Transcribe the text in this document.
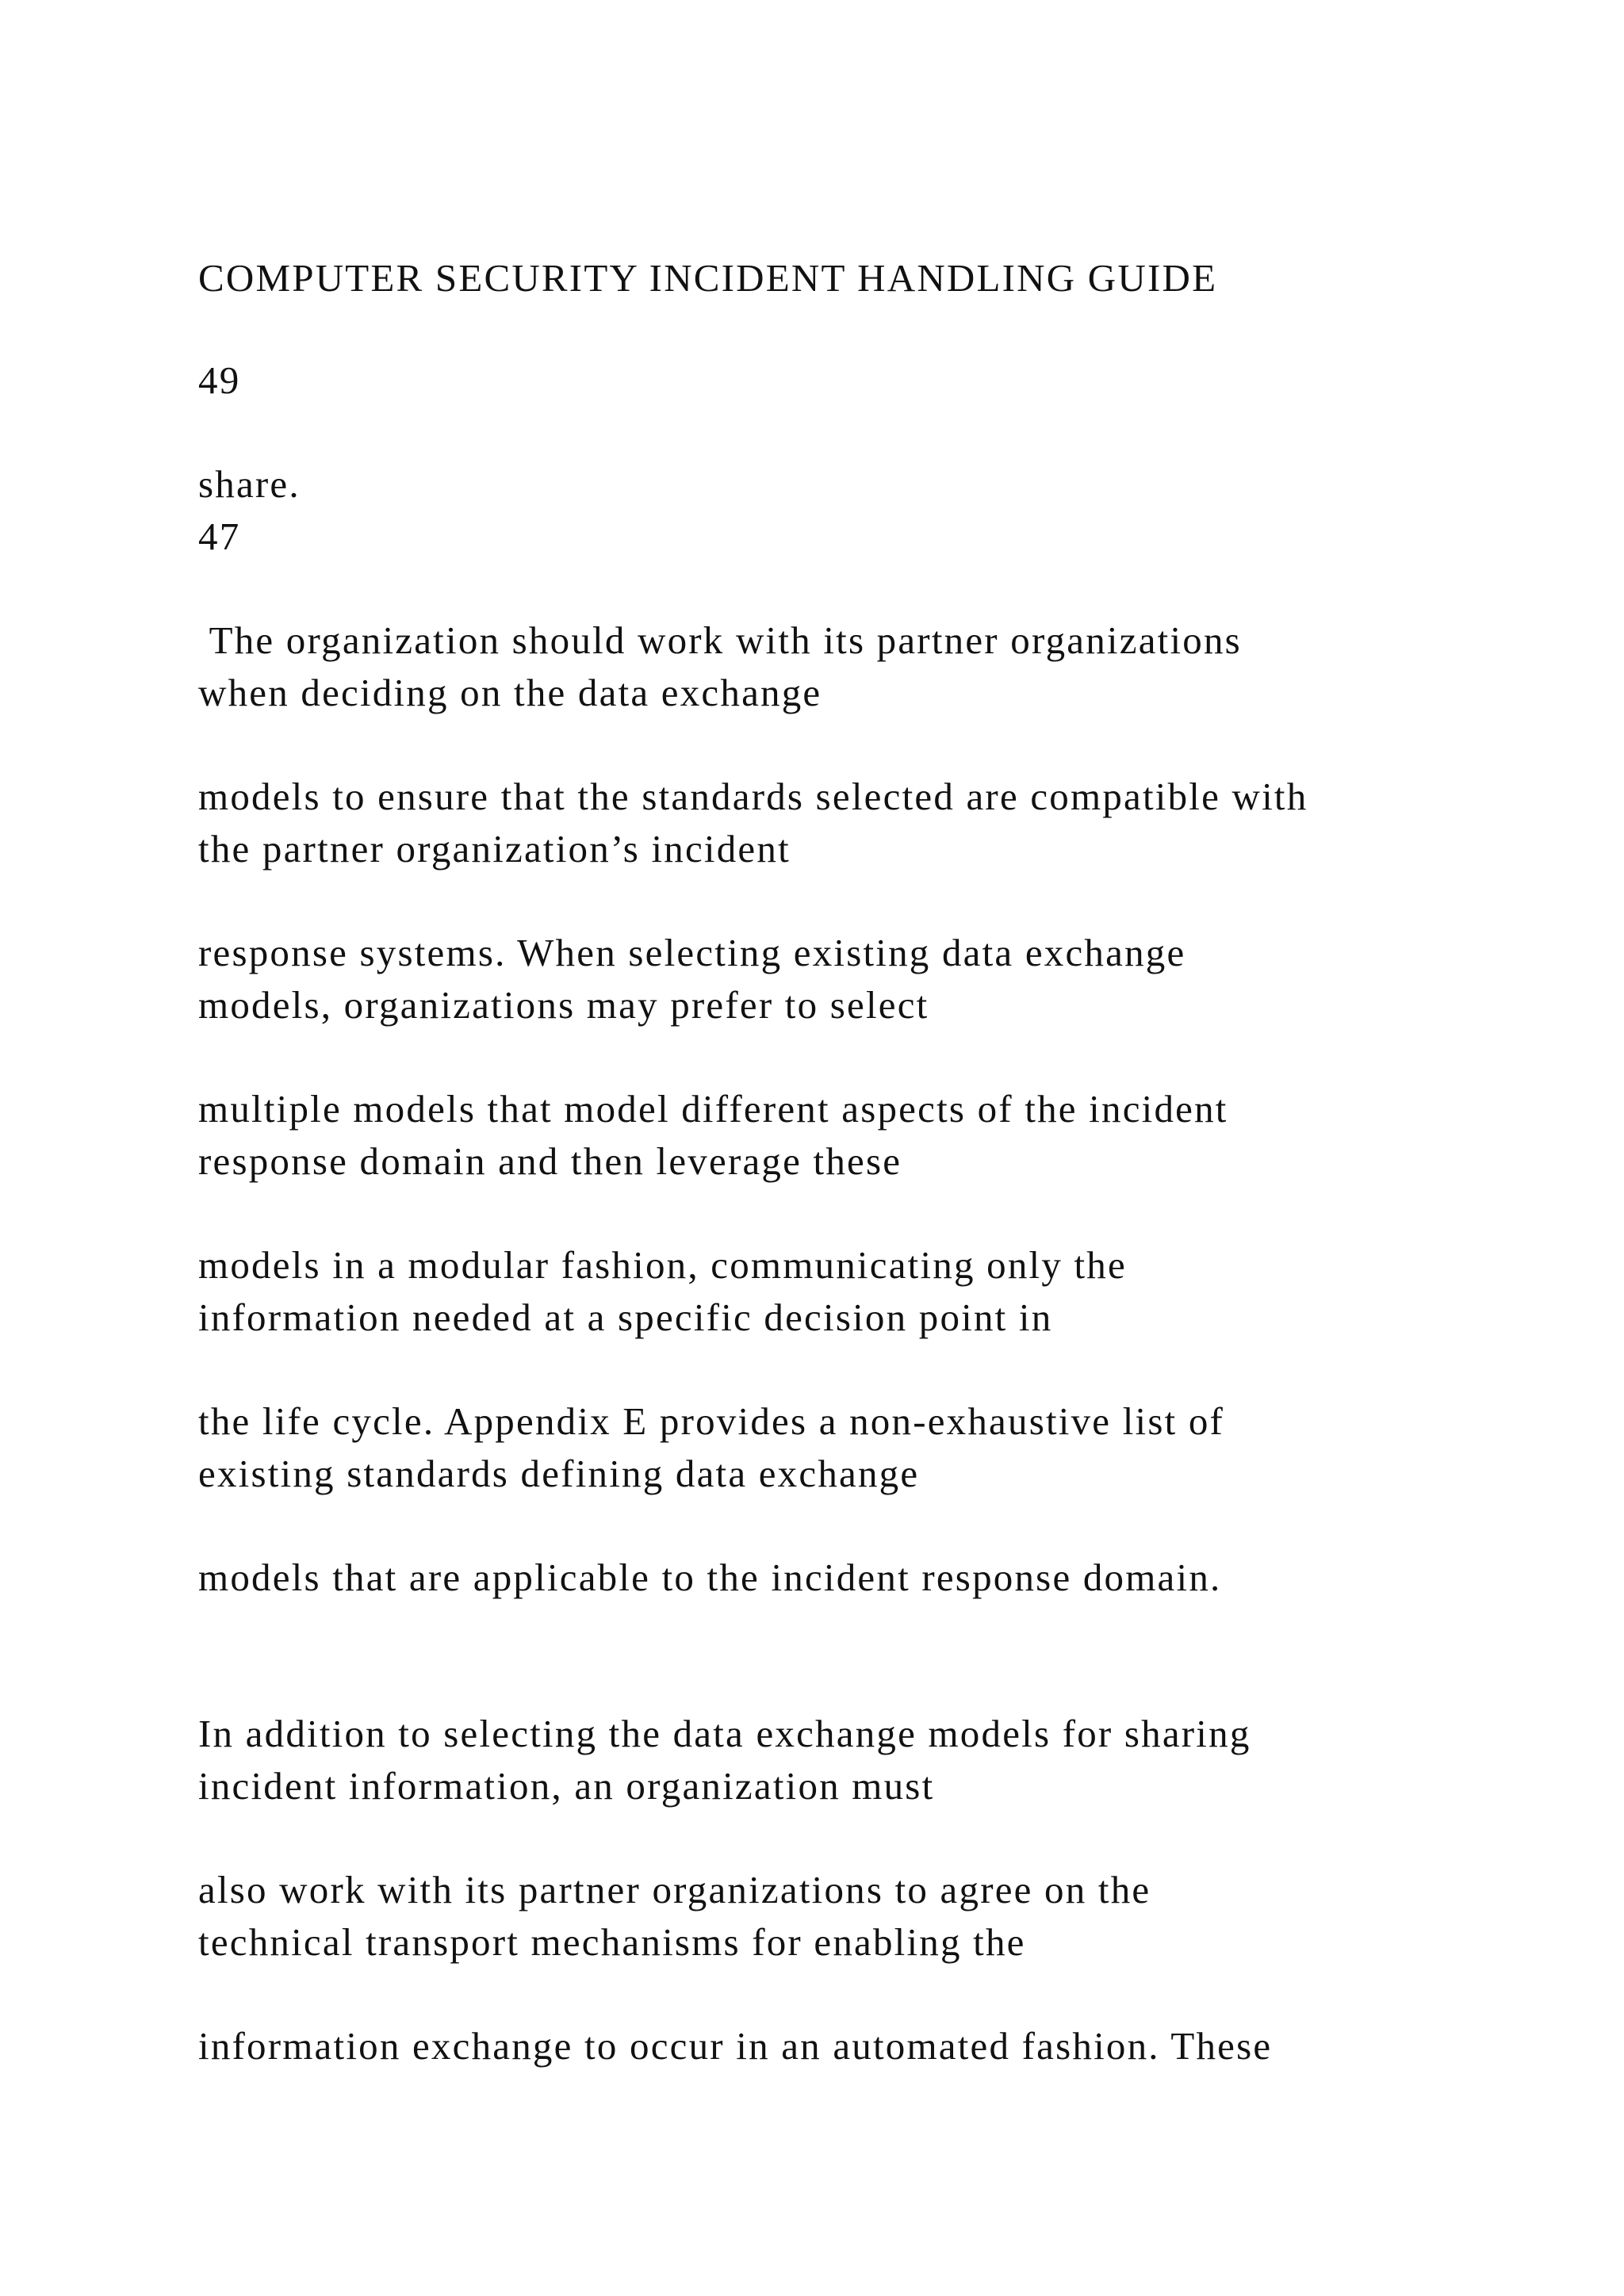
COMPUTER SECURITY INCIDENT HANDLING GUIDE
49
share.
47
The organization should work with its partner organizations
when deciding on the data exchange
models to ensure that the standards selected are compatible with
the partner organization’s incident
response systems. When selecting existing data exchange
models, organizations may prefer to select
multiple models that model different aspects of the incident
response domain and then leverage these
models in a modular fashion, communicating only the
information needed at a specific decision point in
the life cycle. Appendix E provides a non-exhaustive list of
existing standards defining data exchange
models that are applicable to the incident response domain.
In addition to selecting the data exchange models for sharing
incident information, an organization must
also work with its partner organizations to agree on the
technical transport mechanisms for enabling the
information exchange to occur in an automated fashion. These
